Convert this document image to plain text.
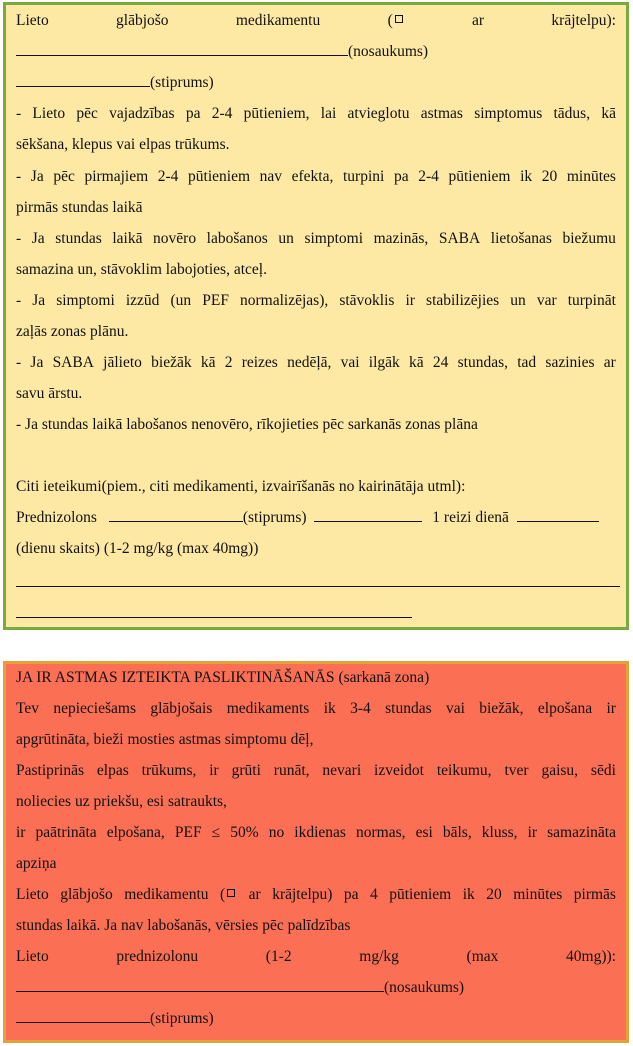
Lieto	glābjošo	medikamentu	(	ar	krājtelpu):
(nosaukums)
(stiprums)
- Lieto pēc vajadzības pa 2-4 pūtieniem, lai atvieglotu astmas simptomus tādus, kā
sēkšana, klepus vai elpas trūkums.
- Ja pēc pirmajiem 2-4 pūtieniem nav efekta, turpini pa 2-4 pūtieniem ik 20 minūtes
pirmās stundas laikā
- Ja stundas laikā novēro labošanos un simptomi mazinās, SABA lietošanas biežumu
samazina un, stāvoklim labojoties, atceļ.
- Ja simptomi izzūd (un PEF normalizējas), stāvoklis ir stabilizējies un var turpināt
zaļās zonas plānu.
- Ja SABA jālieto biežāk kā 2 reizes nedēļā, vai ilgāk kā 24 stundas, tad sazinies ar
savu ārstu.
- Ja stundas laikā labošanos nenovēro, rīkojieties pēc sarkanās zonas plāna
Citi ieteikumi(piem., citi medikamenti, izvairīšanās no kairinātāja utml):
Prednizolons	(stiprums)	1 reizi dienā
(dienu skaits) (1-2 mg/kg (max 40mg))
JA IR ASTMAS IZTEIKTA PASLIKTINĀŠANĀS (sarkanā zona)
Tev nepieciešams glābjošais medikaments ik 3-4 stundas vai biežāk, elpošana ir
apgrūtināta, bieži mosties astmas simptomu dēļ,
Pastiprinās elpas trūkums, ir grūti runāt, nevari izveidot teikumu, tver gaisu, sēdi
noliecies uz priekšu, esi satraukts,
ir paātrināta elpošana, PEF ≤ 50% no ikdienas normas, esi bāls, kluss, ir samazināta
apziņa
Lieto glābjošo medikamentu (	ar krājtelpu) pa 4 pūtieniem ik 20 minūtes pirmās
stundas laikā. Ja nav labošanās, vērsies pēc palīdzības
Lieto	prednizolonu	(1-2	mg/kg	(max	40mg)):
(nosaukums)
(stiprums)
